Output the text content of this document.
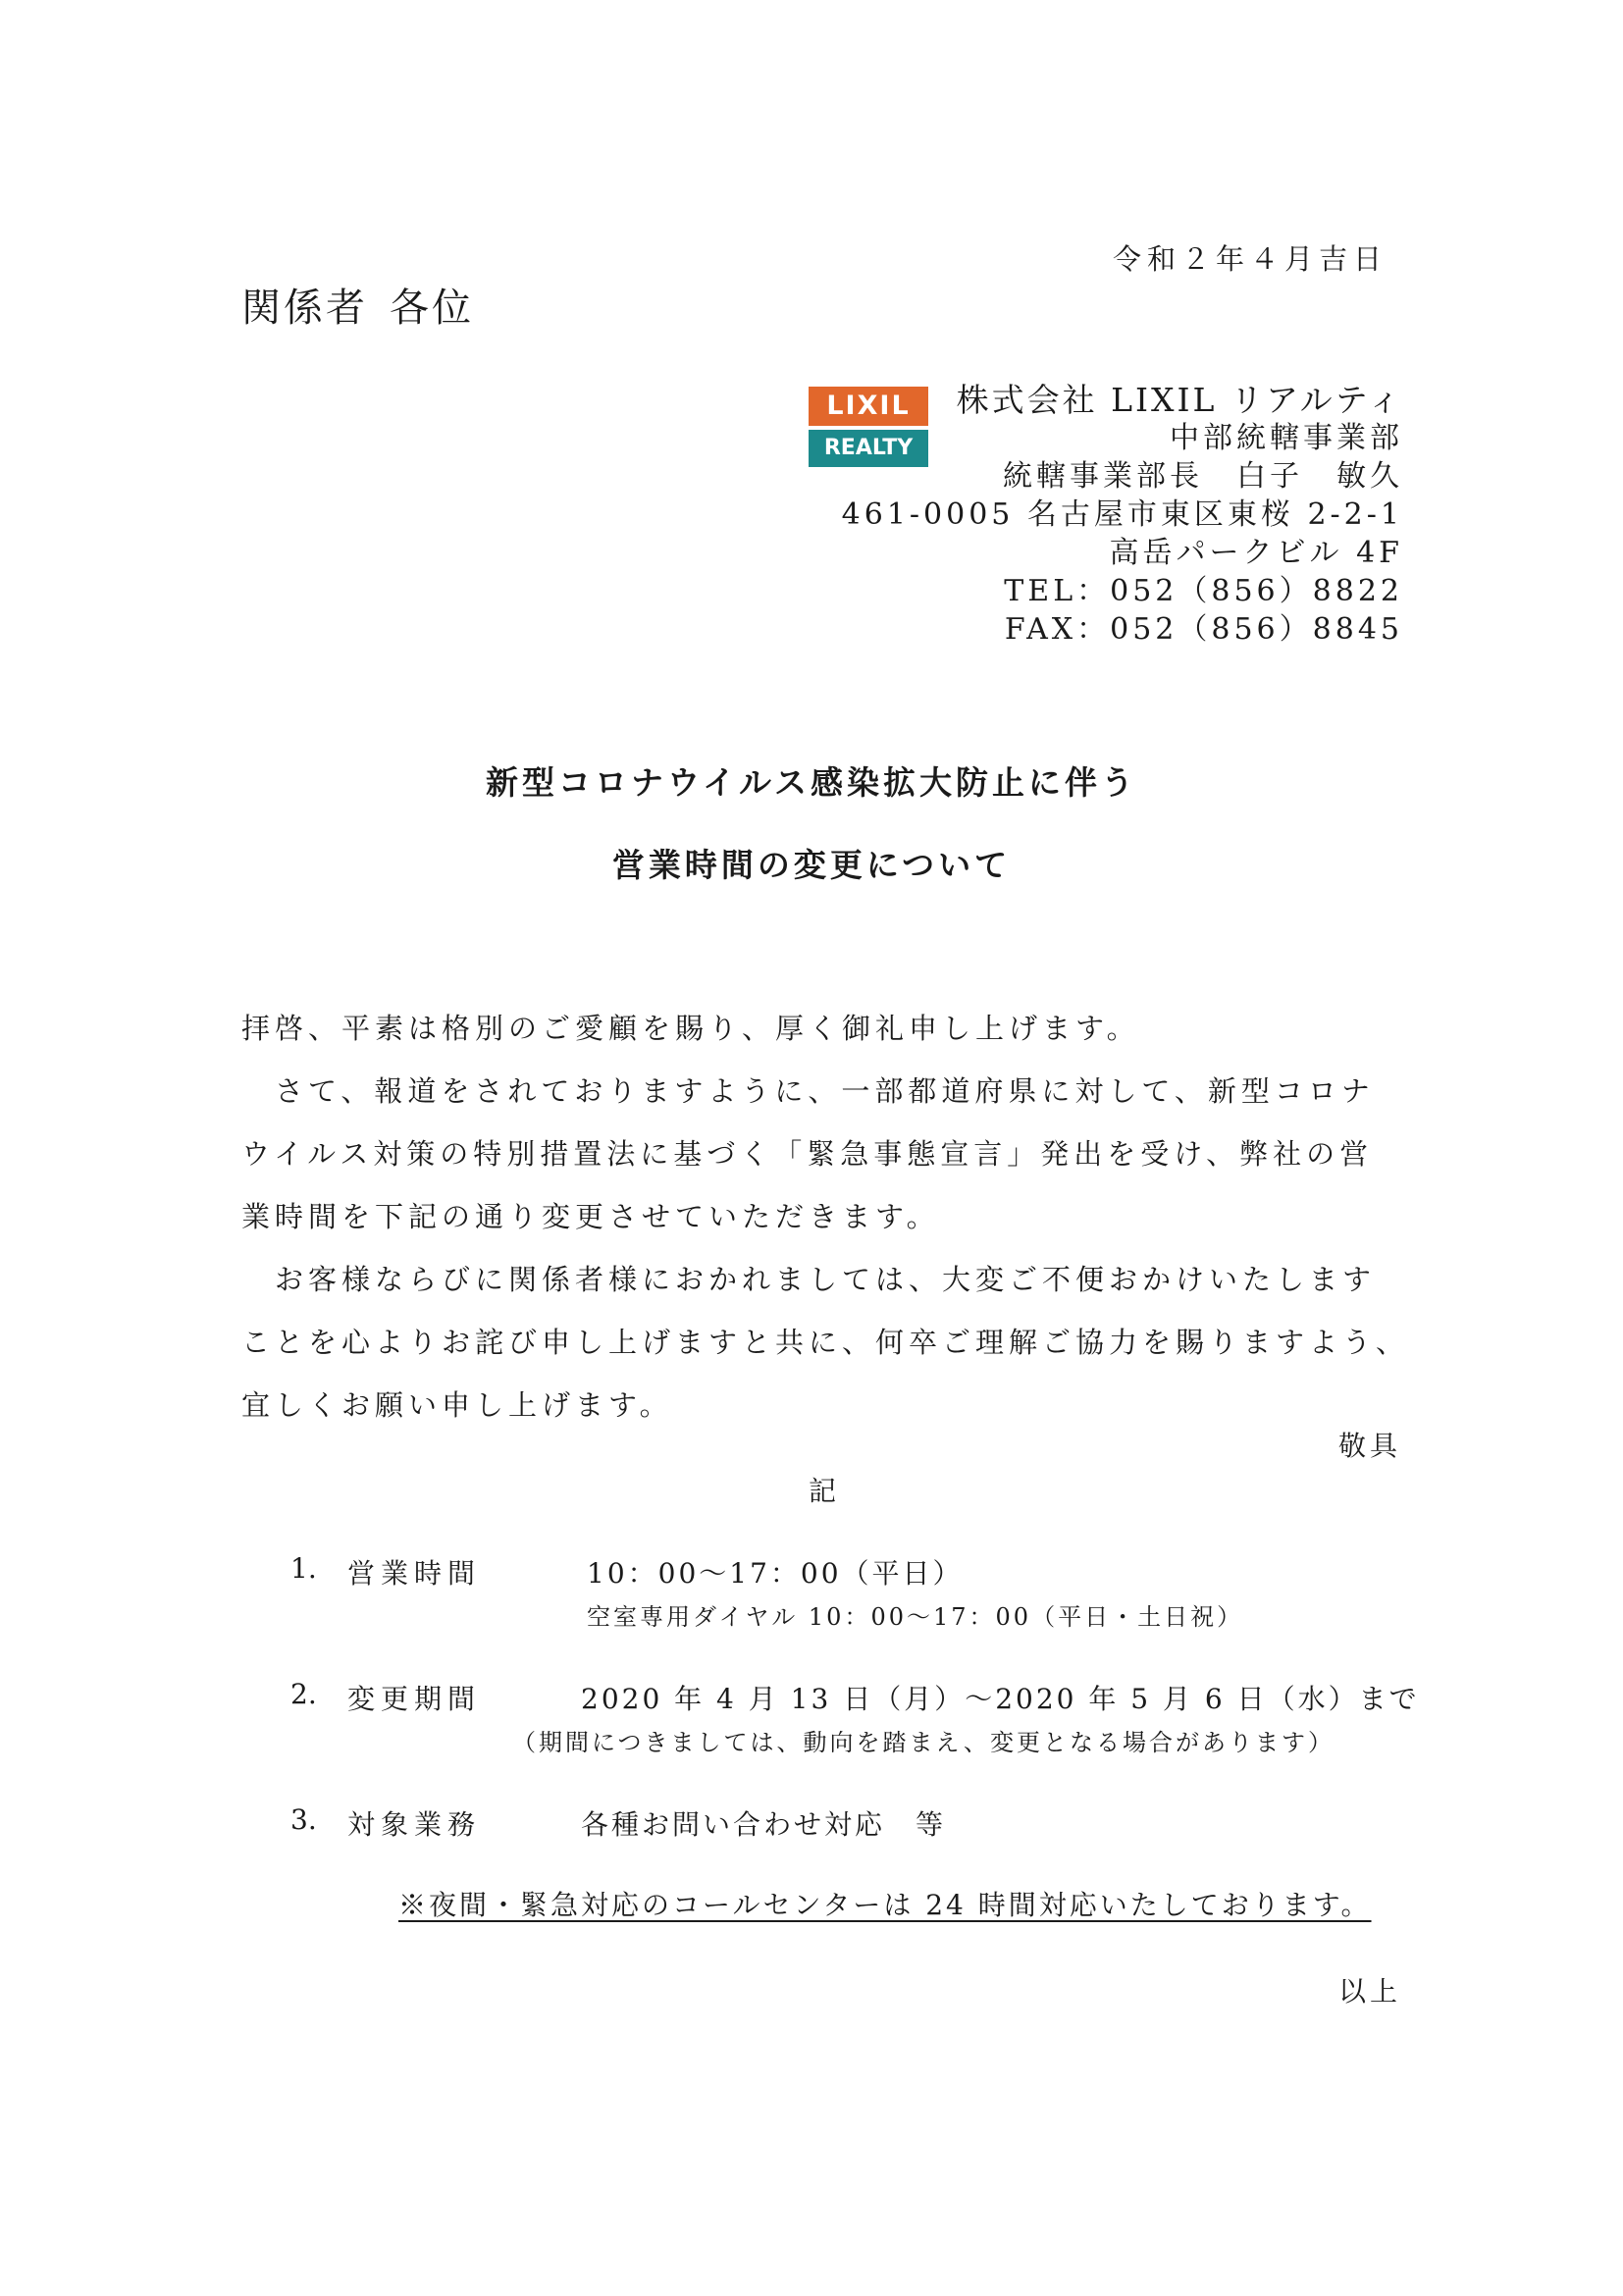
令和２年４月吉日
関係者 各位
LIXIL
REALTY
株式会社 LIXIL リアルティ
中部統轄事業部
統轄事業部長　白子　敏久
461-0005 名古屋市東区東桜 2-2-1
高岳パークビル 4F
TEL：052（856）8822
FAX：052（856）8845
新型コロナウイルス感染拡大防止に伴う
営業時間の変更について

拝啓、平素は格別のご愛顧を賜り、厚く御礼申し上げます。

　さて、報道をされておりますように、一部都道府県に対して、新型コロナ

ウイルス対策の特別措置法に基づく「緊急事態宣言」発出を受け、弊社の営

業時間を下記の通り変更させていただきます。

　お客様ならびに関係者様におかれましては、大変ご不便おかけいたします

ことを心よりお詫び申し上げますと共に、何卒ご理解ご協力を賜りますよう、

宜しくお願い申し上げます。

敬具
記
1. 営業時間	10：00～17：00（平日）
空室専用ダイヤル 10：00～17：00（平日・土日祝）
2. 変更期間	2020 年 4 月 13 日（月）～2020 年 5 月 6 日（水）まで
（期間につきましては、動向を踏まえ、変更となる場合があります）
3. 対象業務	各種お問い合わせ対応　等
※夜間・緊急対応のコールセンターは 24 時間対応いたしております。
以上
